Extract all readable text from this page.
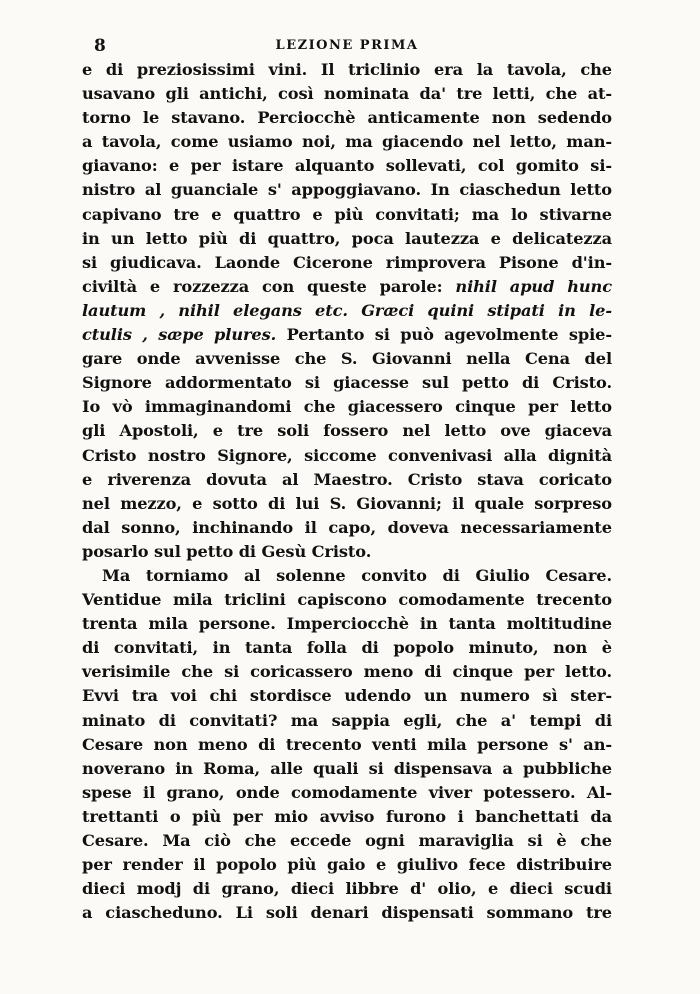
8	LEZIONE PRIMA
e di preziosissimi vini. Il triclinio era la tavola, che
usavano gli antichi, così nominata da' tre letti, che at-
torno le stavano. Perciocchè anticamente non sedendo
a tavola, come usiamo noi, ma giacendo nel letto, man-
giavano: e per istare alquanto sollevati, col gomito si-
nistro al guanciale s' appoggiavano. In ciaschedun letto
capivano tre e quattro e più convitati; ma lo stivarne
in un letto più di quattro, poca lautezza e delicatezza
si giudicava. Laonde Cicerone rimprovera Pisone d'in-
civiltà e rozzezza con queste parole: nihil apud hunc
lautum , nihil elegans etc. Græci quini stipati in le-
ctulis , sæpe plures. Pertanto si può agevolmente spie-
gare onde avvenisse che S. Giovanni nella Cena del
Signore addormentato si giacesse sul petto di Cristo.
Io vò immaginandomi che giacessero cinque per letto
gli Apostoli, e tre soli fossero nel letto ove giaceva
Cristo nostro Signore, siccome convenivasi alla dignità
e riverenza dovuta al Maestro. Cristo stava coricato
nel mezzo, e sotto di lui S. Giovanni; il quale sorpreso
dal sonno, inchinando il capo, doveva necessariamente
posarlo sul petto di Gesù Cristo.
Ma torniamo al solenne convito di Giulio Cesare.
Ventidue mila triclini capiscono comodamente trecento
trenta mila persone. Imperciocchè in tanta moltitudine
di convitati, in tanta folla di popolo minuto, non è
verisimile che si coricassero meno di cinque per letto.
Evvi tra voi chi stordisce udendo un numero sì ster-
minato di convitati? ma sappia egli, che a' tempi di
Cesare non meno di trecento venti mila persone s' an-
noverano in Roma, alle quali si dispensava a pubbliche
spese il grano, onde comodamente viver potessero. Al-
trettanti o più per mio avviso furono i banchettati da
Cesare. Ma ciò che eccede ogni maraviglia si è che
per render il popolo più gaio e giulivo fece distribuire
dieci modj di grano, dieci libbre d' olio, e dieci scudi
a ciascheduno. Li soli denari dispensati sommano tre
